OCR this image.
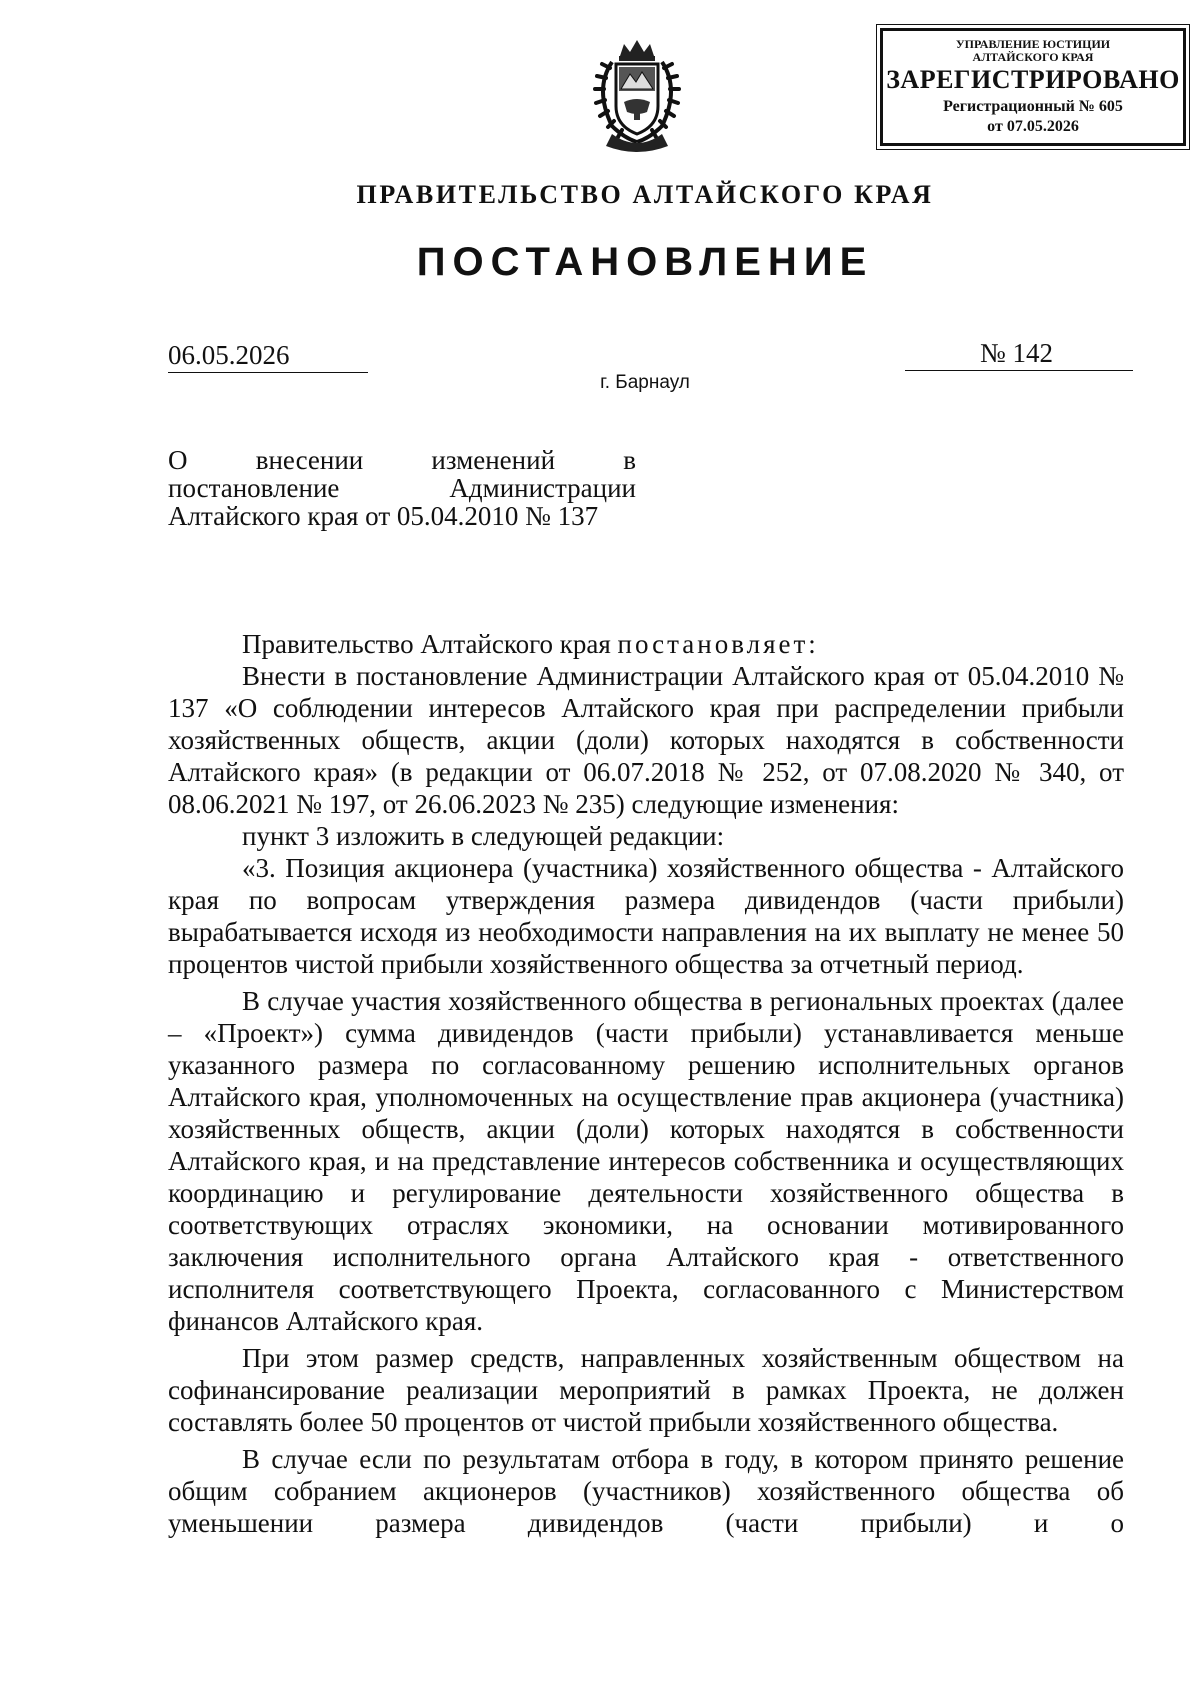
УПРАВЛЕНИЕ ЮСТИЦИИ
АЛТАЙСКОГО КРАЯ
ЗАРЕГИСТРИРОВАНО
Регистрационный № 605
от 07.05.2026
ПРАВИТЕЛЬСТВО АЛТАЙСКОГО КРАЯ
ПОСТАНОВЛЕНИЕ
06.05.2026	№ 142
г. Барнаул
О внесении изменений в
постановление Администрации
Алтайского края от 05.04.2010 № 137

Правительство Алтайского края постановляет:

Внести в постановление Администрации Алтайского края от 05.04.2010 № 137 «О соблюдении интересов Алтайского края при распределении прибыли хозяйственных обществ, акции (доли) которых находятся в собственности Алтайского края» (в редакции от 06.07.2018 № 252, от 07.08.2020 № 340, от 08.06.2021 № 197, от 26.06.2023 № 235) следующие изменения:

пункт 3 изложить в следующей редакции:

«3. Позиция акционера (участника) хозяйственного общества - Алтайского края по вопросам утверждения размера дивидендов (части прибыли) вырабатывается исходя из необходимости направления на их выплату не менее 50 процентов чистой прибыли хозяйственного общества за отчетный период.

В случае участия хозяйственного общества в региональных проектах (далее – «Проект») сумма дивидендов (части прибыли) устанавливается меньше указанного размера по согласованному решению исполнительных органов Алтайского края, уполномоченных на осуществление прав акционера (участника) хозяйственных обществ, акции (доли) которых находятся в собственности Алтайского края, и на представление интересов собственника и осуществляющих координацию и регулирование деятельности хозяйственного общества в соответствующих отраслях экономики, на основании мотивированного заключения исполнительного органа Алтайского края - ответственного исполнителя соответствующего Проекта, согласованного с Министерством финансов Алтайского края.

При этом размер средств, направленных хозяйственным обществом на софинансирование реализации мероприятий в рамках Проекта, не должен составлять более 50 процентов от чистой прибыли хозяйственного общества.

В случае если по результатам отбора в году, в котором принято решение общим собранием акционеров (участников) хозяйственного общества об уменьшении размера дивидендов (части прибыли) и о
